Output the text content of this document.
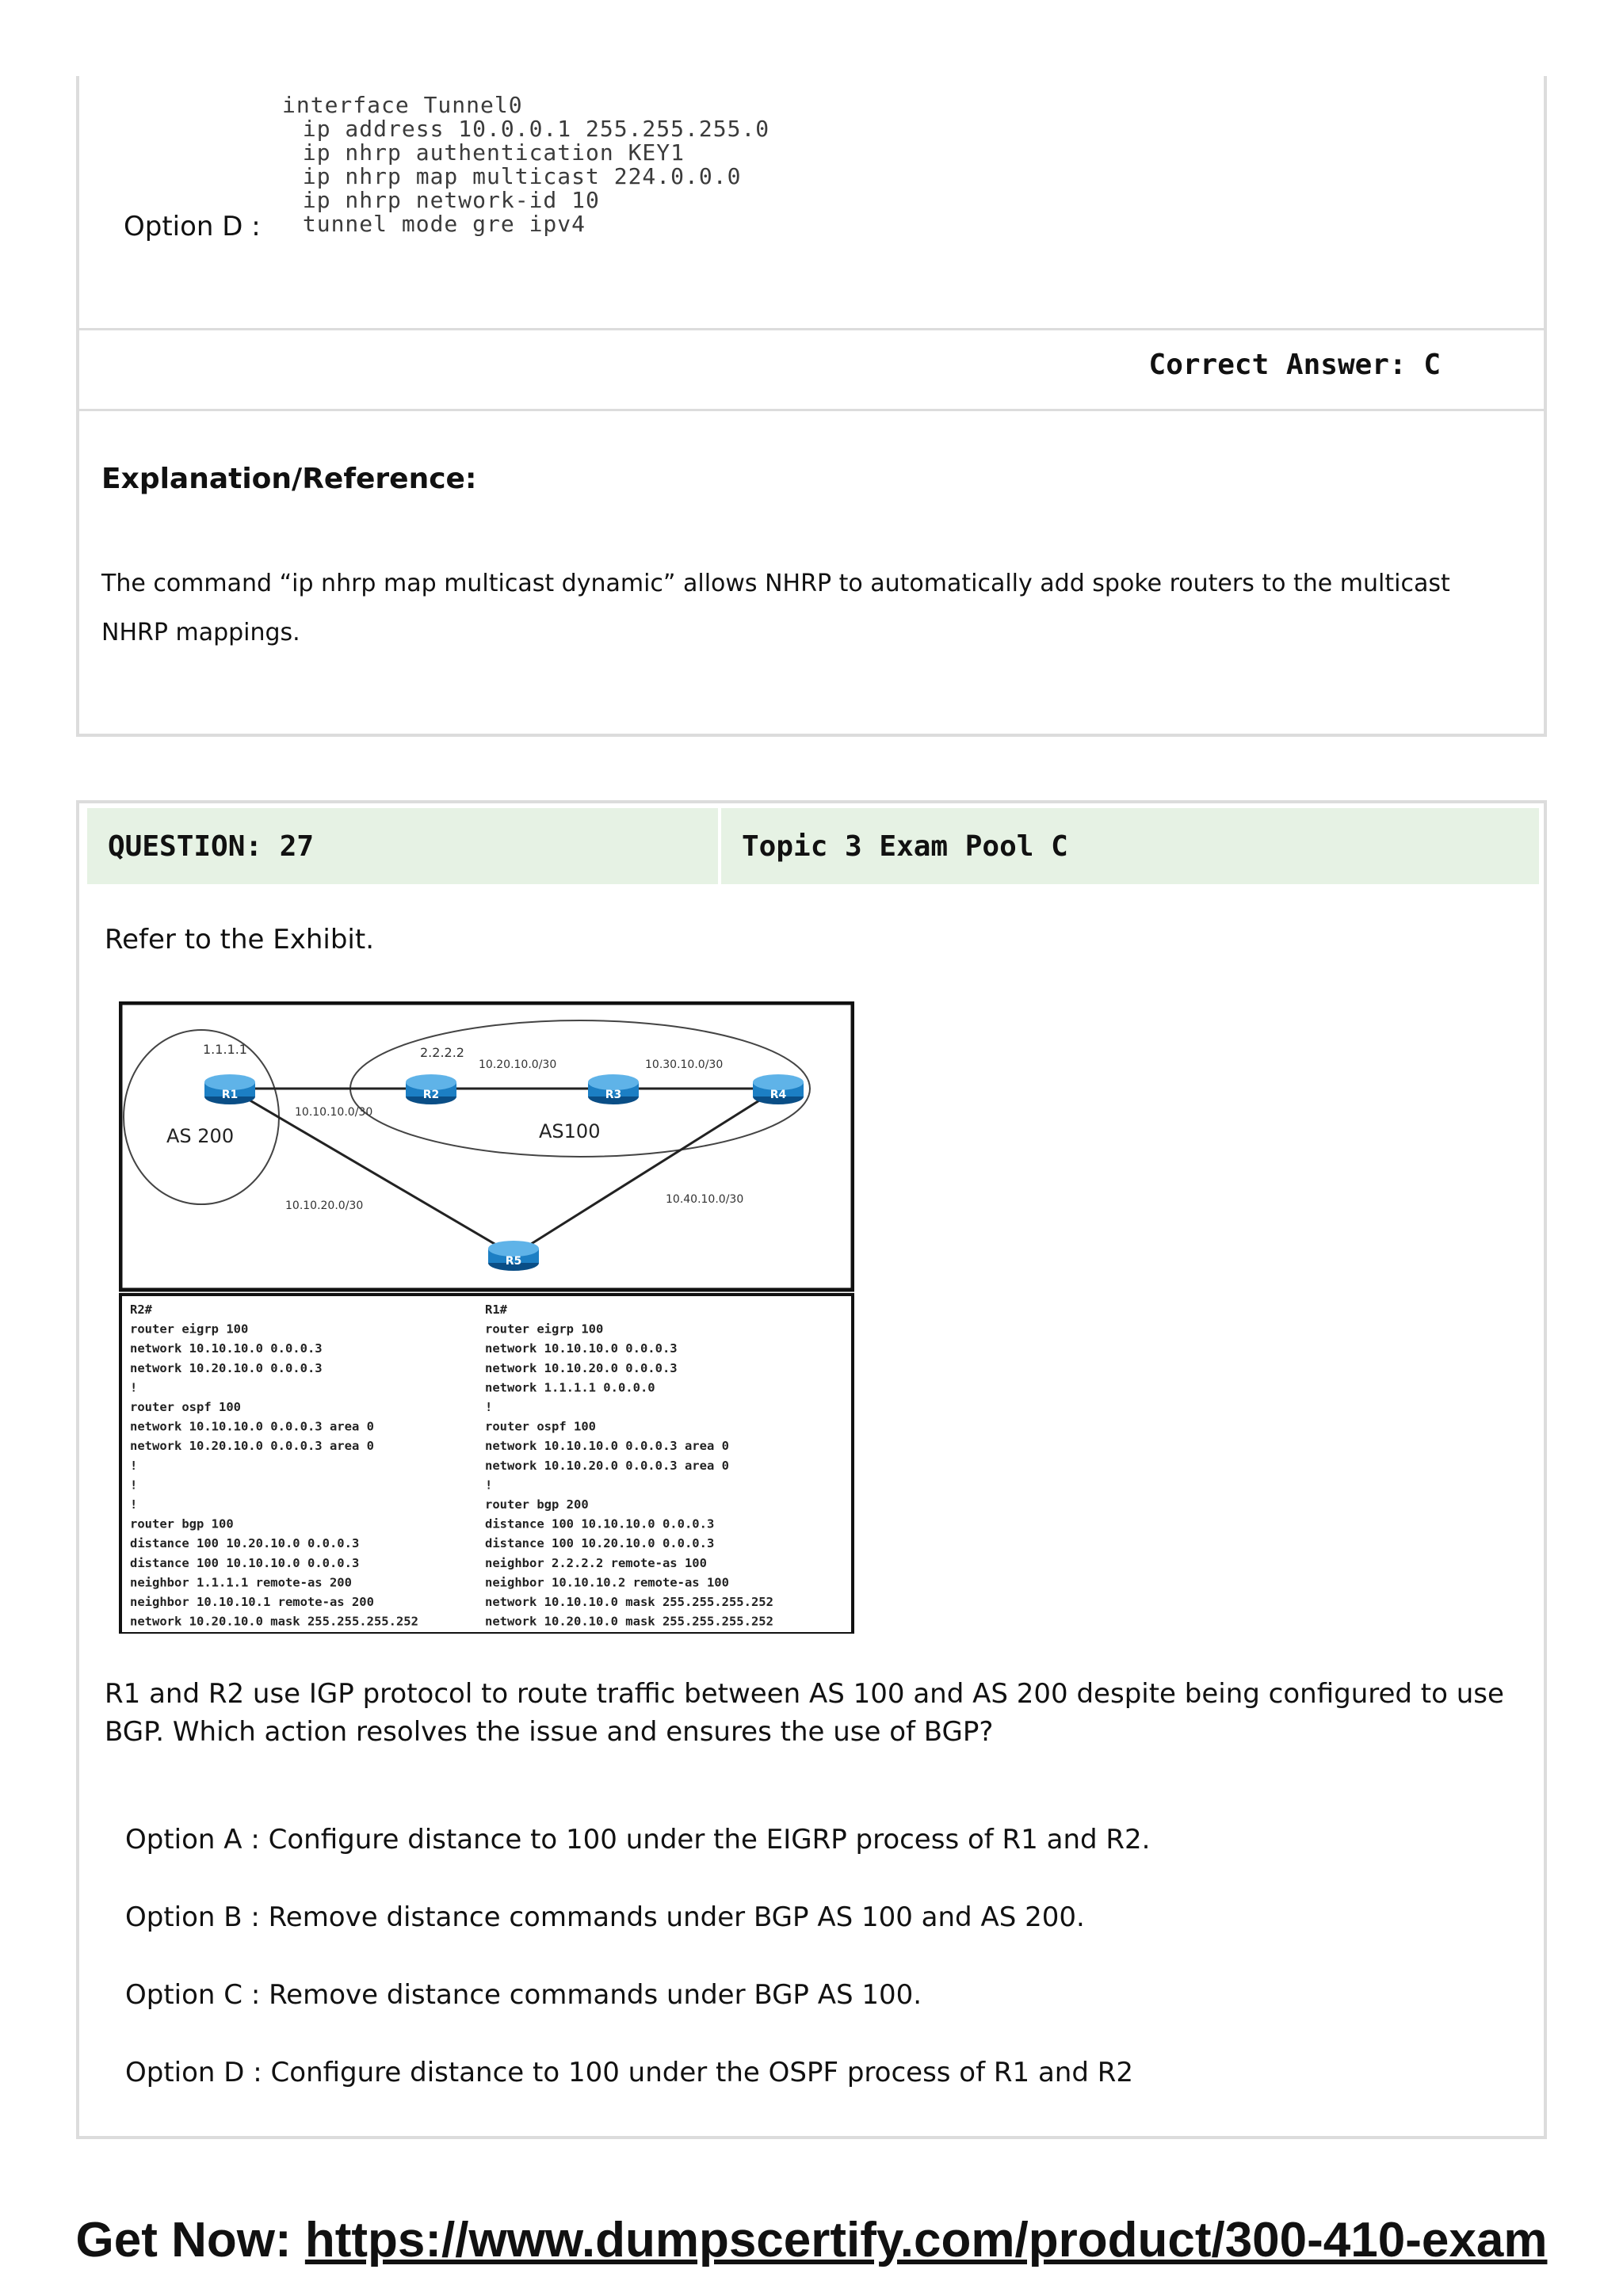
interface Tunnel0
ip address 10.0.0.1 255.255.255.0
ip nhrp authentication KEY1
ip nhrp map multicast 224.0.0.0
ip nhrp network-id 10
tunnel mode gre ipv4
Option D :
Correct Answer: C
Explanation/Reference:
The command “ip nhrp map multicast dynamic” allows NHRP to automatically add spoke routers to the multicast NHRP mappings.
QUESTION: 27	Topic 3 Exam Pool C
Refer to the Exhibit.
R1	R2	R3	R4
R5
1.1.1.1	2.2.2.2
AS 200	AS100
10.10.10.0/30
10.20.10.0/30	10.30.10.0/30
10.10.20.0/30	10.40.10.0/30
R2#
router eigrp 100
network 10.10.10.0 0.0.0.3
network 10.20.10.0 0.0.0.3
!
router ospf 100
network 10.10.10.0 0.0.0.3 area 0
network 10.20.10.0 0.0.0.3 area 0
!
!
!
router bgp 100
distance 100 10.20.10.0 0.0.0.3
distance 100 10.10.10.0 0.0.0.3
neighbor 1.1.1.1 remote-as 200
neighbor 10.10.10.1 remote-as 200
network 10.20.10.0 mask 255.255.255.252
R1#
router eigrp 100
network 10.10.10.0 0.0.0.3
network 10.10.20.0 0.0.0.3
network 1.1.1.1 0.0.0.0
!
router ospf 100
network 10.10.10.0 0.0.0.3 area 0
network 10.10.20.0 0.0.0.3 area 0
!
router bgp 200
distance 100 10.10.10.0 0.0.0.3
distance 100 10.20.10.0 0.0.0.3
neighbor 2.2.2.2 remote-as 100
neighbor 10.10.10.2 remote-as 100
network 10.10.10.0 mask 255.255.255.252
network 10.20.10.0 mask 255.255.255.252
R1 and R2 use IGP protocol to route traffic between AS 100 and AS 200 despite being configured to use BGP. Which action resolves the issue and ensures the use of BGP?
Option A : Configure distance to 100 under the EIGRP process of R1 and R2.
Option B : Remove distance commands under BGP AS 100 and AS 200.
Option C : Remove distance commands under BGP AS 100.
Option D : Configure distance to 100 under the OSPF process of R1 and R2
Get Now: https://www.dumpscertify.com/product/300-410-exam
